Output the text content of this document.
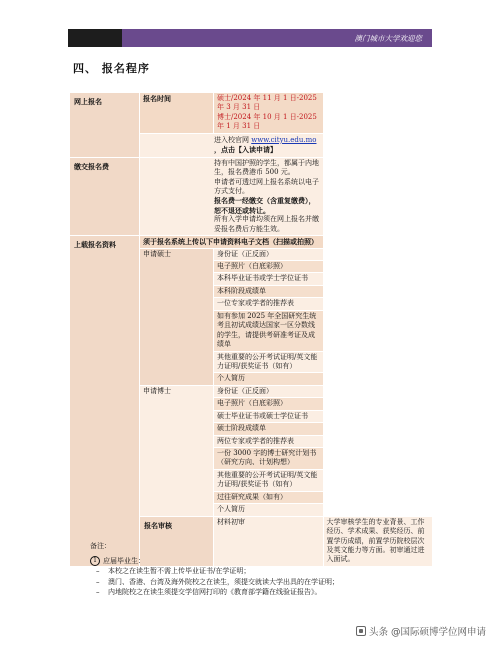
澳门城市大学欢迎您
四、 报名程序
网上报名	报名时间	硕士/2024 年 11 月 1 日-2025 年 3 月 31 日
博士/2024 年 10 月 1 日-2025 年 1 月 31 日	

	进入校官网 www.cityu.edu.mo ，点击【入读申请】		
缴交报名费	持有中国护照的学生，都属于内地生，报名费港币 500 元。
申请者可透过网上报名系统以电子方式支付。
报名费一经缴交（含重复缴费），恕不退还或转让。
所有入学申请均须在网上报名并缴妥报名费后方能生效。		

上载报名资料	须于报名系统上传以下申请资料电子文档（扫描或拍照）		
	申请硕士	身份证（正反面）	
		电子照片（白底彩照）	
		本科毕业证书或学士学位证书	
		本科阶段成绩单	
		一位专家或学者的推荐表	
		如有参加 2025 年全国研究生统考且初试成绩达国家一区分数线的学生，请提供考研准考证及成绩单	
		其他重要的公开考试证明/英文能力证明/获奖证书（如有）	
		个人简历	
	申请博士	身份证（正反面）	
		电子照片（白底彩照）	
		硕士毕业证书或硕士学位证书	
		硕士阶段成绩单	
		两位专家或学者的推荐表	
		一份 3000 字的博士研究计划书（研究方向、计划构想）	
		其他重要的公开考试证明/英文能力证明/获奖证书（如有）	
		过往研究成果（如有）	
		个人简历	
	报名审核	材料初审	大学审核学生的专业背景、工作经历、学术成果、获奖经历、前置学历成绩，前置学历院校层次及英文能力等方面。初审通过进入面试。
备注：
1 应届毕业生：
– 本校之在读生暂不需上传毕业证书/在学证明；
– 澳门、香港、台湾及海外院校之在读生，须提交就读大学出具的在学证明；
– 内地院校之在读生须提交学信网打印的《教育部学籍在线验证报告》。
头条 @国际硕博学位网申请
